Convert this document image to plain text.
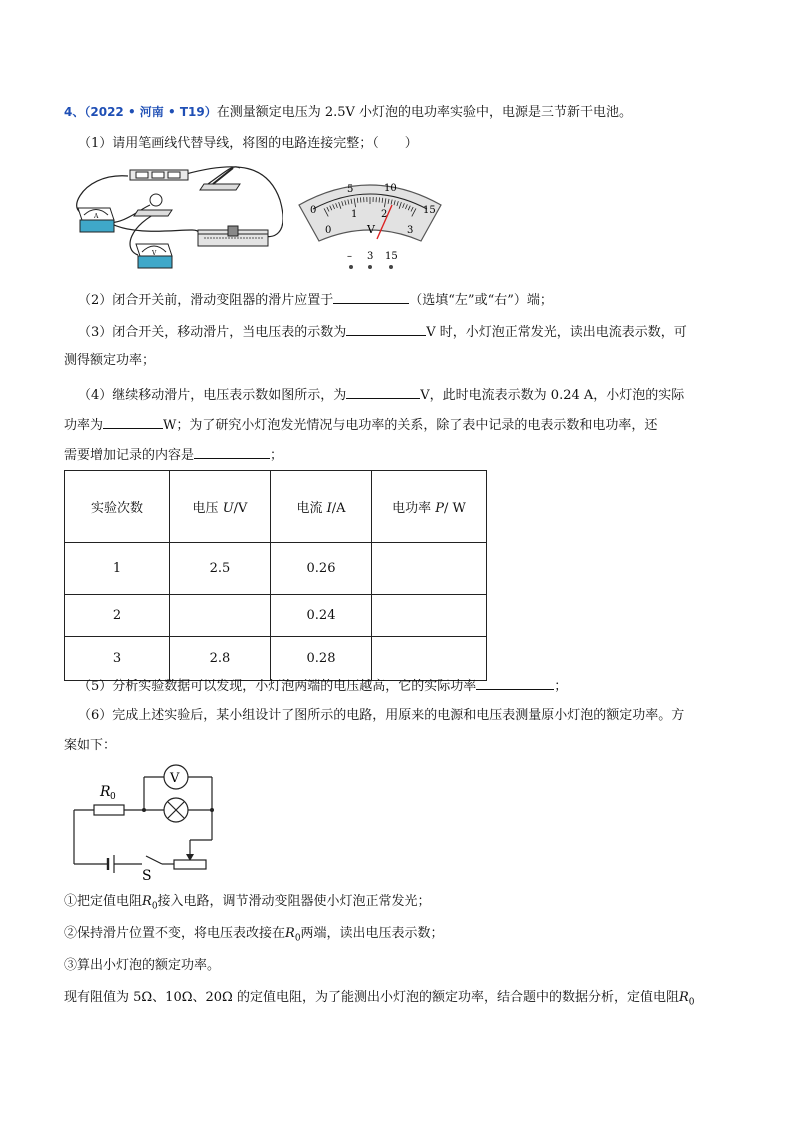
4、（2022 • 河南 • T19）在测量额定电压为 2.5V 小灯泡的电功率实验中，电源是三节新干电池。
（1）请用笔画线代替导线，将图的电路连接完整；（　　）
A
V
0
5	10
15
0
1 2
3
V
– 3 15
（2）闭合开关前，滑动变阻器的滑片应置于	（选填“左”或“右”）端；
（3）闭合开关，移动滑片，当电压表的示数为	V 时，小灯泡正常发光，读出电流表示数，可
测得额定功率；
（4）继续移动滑片，电压表示数如图所示，为	V，此时电流表示数为 0.24 A，小灯泡的实际
功率为	W；为了研究小灯泡发光情况与电功率的关系，除了表中记录的电表示数和电功率，还
需要增加记录的内容是	；
实验次数	电压 U/V	电流 I/A	电功率 P/ W
1	2.5	0.26	
2		0.24	
3	2.8	0.28	
（5）分析实验数据可以发现，小灯泡两端的电压越高，它的实际功率	；
（6）完成上述实验后，某小组设计了图所示的电路，用原来的电源和电压表测量原小灯泡的额定功率。方
案如下：
R 0
V
S
①把定值电阻$R_0$接入电路，调节滑动变阻器使小灯泡正常发光；
②保持滑片位置不变，将电压表改接在$R_0$两端，读出电压表示数；
③算出小灯泡的额定功率。
现有阻值为 5Ω、10Ω、20Ω 的定值电阻，为了能测出小灯泡的额定功率，结合题中的数据分析，定值电阻$R_0$
